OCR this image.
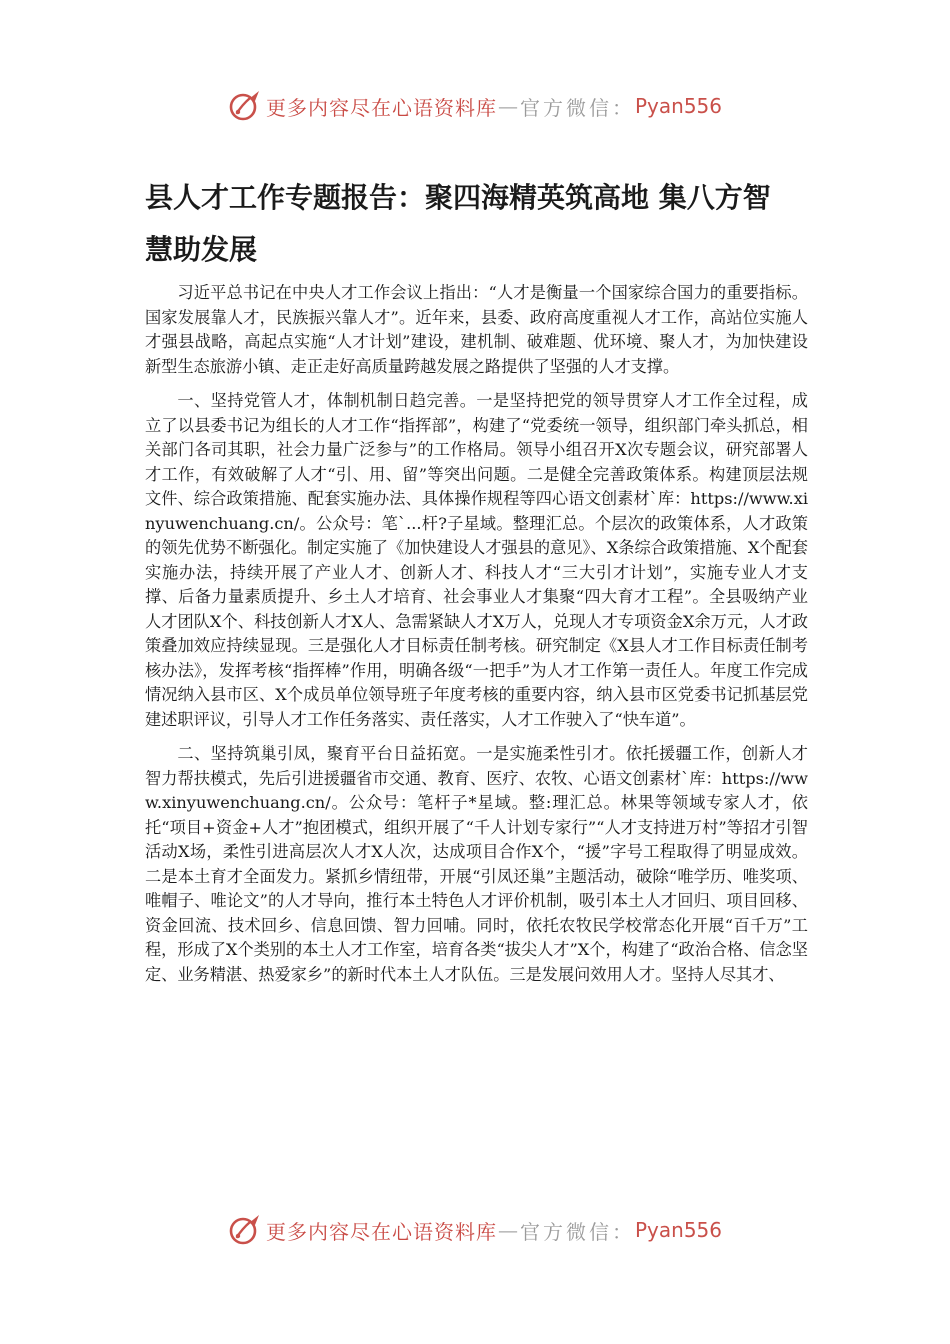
更多内容尽在心语资料库 — 官方微信： Pyan556
县人才工作专题报告：聚四海精英筑高地 集八方智慧助发展

习近平总书记在中央人才工作会议上指出：“人才是衡量一个国家综合国力的重要指标。国家发展靠人才，民族振兴靠人才”。近年来，县委、政府高度重视人才工作，高站位实施人才强县战略，高起点实施“人才计划”建设，建机制、破难题、优环境、聚人才，为加快建设新型生态旅游小镇、走正走好高质量跨越发展之路提供了坚强的人才支撑。

一、坚持党管人才，体制机制日趋完善。一是坚持把党的领导贯穿人才工作全过程，成立了以县委书记为组长的人才工作“指挥部”，构建了“党委统一领导，组织部门牵头抓总，相关部门各司其职，社会力量广泛参与”的工作格局。领导小组召开X次专题会议，研究部署人才工作，有效破解了人才“引、用、留”等突出问题。二是健全完善政策体系。构建顶层法规文件、综合政策措施、配套实施办法、具体操作规程等四心语文创素材`库：https://www.xinyuwenchuang.cn/。公众号：笔`...杆?子星域。整理汇总。个层次的政策体系，人才政策的领先优势不断强化。制定实施了《加快建设人才强县的意见》、X条综合政策措施、X个配套实施办法，持续开展了产业人才、创新人才、科技人才“三大引才计划”，实施专业人才支撑、后备力量素质提升、乡土人才培育、社会事业人才集聚“四大育才工程”。全县吸纳产业人才团队X个、科技创新人才X人、急需紧缺人才X万人，兑现人才专项资金X余万元，人才政策叠加效应持续显现。三是强化人才目标责任制考核。研究制定《X县人才工作目标责任制考核办法》，发挥考核“指挥棒”作用，明确各级“一把手”为人才工作第一责任人。年度工作完成情况纳入县市区、X个成员单位领导班子年度考核的重要内容，纳入县市区党委书记抓基层党建述职评议，引导人才工作任务落实、责任落实，人才工作驶入了“快车道”。

二、坚持筑巢引凤，聚育平台日益拓宽。一是实施柔性引才。依托援疆工作，创新人才智力帮扶模式，先后引进援疆省市交通、教育、医疗、农牧、心语文创素材`库：https://www.xinyuwenchuang.cn/。公众号：笔杆子*星域。整:理汇总。林果等领域专家人才，依托“项目+资金+人才”抱团模式，组织开展了“千人计划专家行”“人才支持进万村”等招才引智活动X场，柔性引进高层次人才X人次，达成项目合作X个，“援”字号工程取得了明显成效。二是本土育才全面发力。紧抓乡情纽带，开展“引凤还巢”主题活动，破除“唯学历、唯奖项、唯帽子、唯论文”的人才导向，推行本土特色人才评价机制，吸引本土人才回归、项目回移、资金回流、技术回乡、信息回馈、智力回哺。同时，依托农牧民学校常态化开展“百千万”工程，形成了X个类别的本土人才工作室，培育各类“拔尖人才”X个，构建了“政治合格、信念坚定、业务精湛、热爱家乡”的新时代本土人才队伍。三是发展问效用人才。坚持人尽其才、

更多内容尽在心语资料库 — 官方微信： Pyan556
